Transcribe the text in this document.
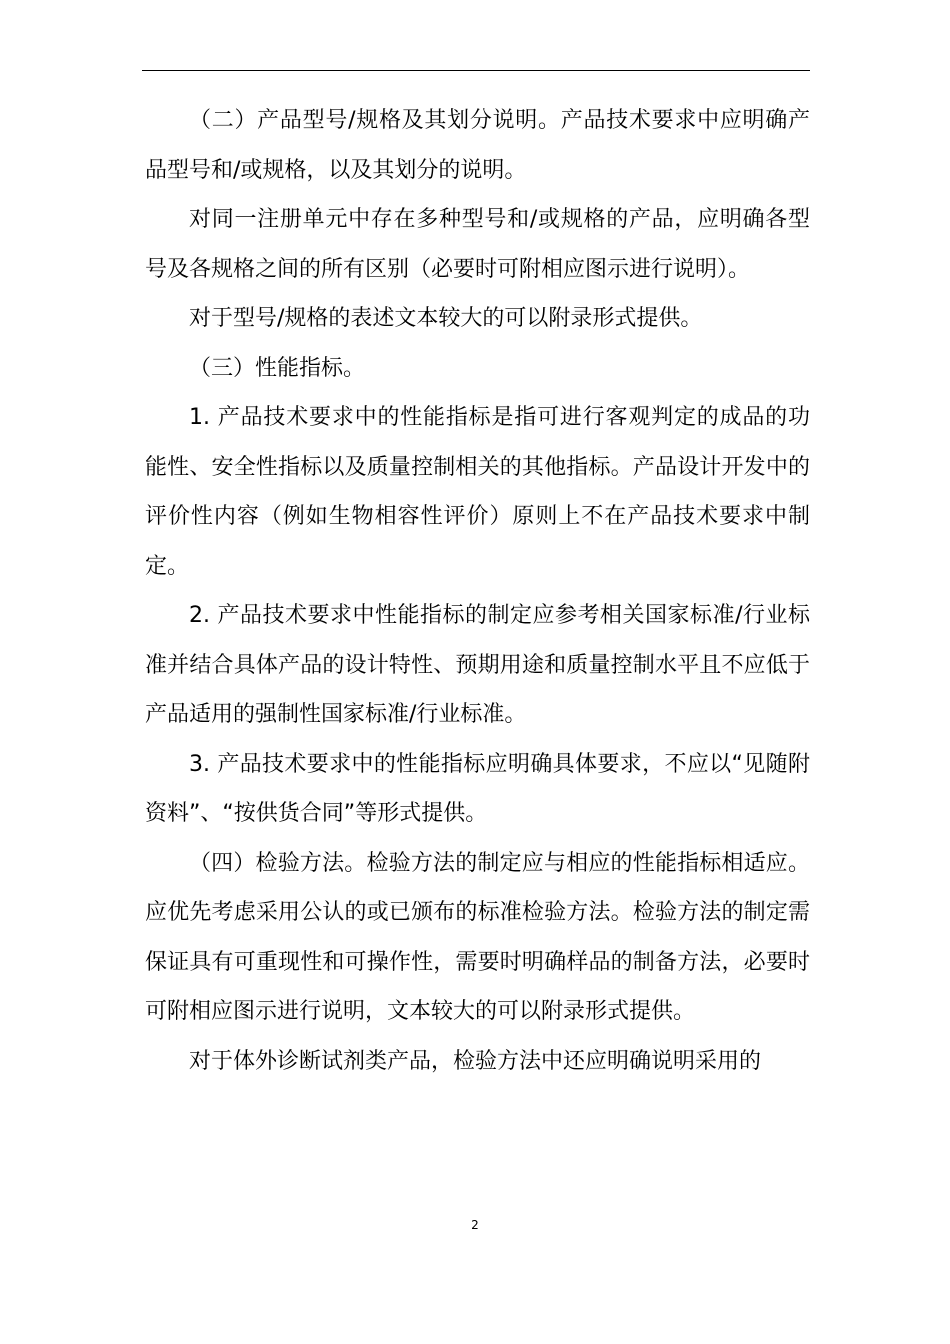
（二）产品型号/规格及其划分说明。产品技术要求中应明确产品型号和/或规格，以及其划分的说明。

对同一注册单元中存在多种型号和/或规格的产品，应明确各型号及各规格之间的所有区别（必要时可附相应图示进行说明）。

对于型号/规格的表述文本较大的可以附录形式提供。

（三）性能指标。

1. 产品技术要求中的性能指标是指可进行客观判定的成品的功能性、安全性指标以及质量控制相关的其他指标。产品设计开发中的评价性内容（例如生物相容性评价）原则上不在产品技术要求中制定。

2. 产品技术要求中性能指标的制定应参考相关国家标准/行业标准并结合具体产品的设计特性、预期用途和质量控制水平且不应低于产品适用的强制性国家标准/行业标准。

3. 产品技术要求中的性能指标应明确具体要求，不应以“见随附资料”、“按供货合同”等形式提供。

（四）检验方法。检验方法的制定应与相应的性能指标相适应。应优先考虑采用公认的或已颁布的标准检验方法。检验方法的制定需保证具有可重现性和可操作性，需要时明确样品的制备方法，必要时可附相应图示进行说明，文本较大的可以附录形式提供。

对于体外诊断试剂类产品，检验方法中还应明确说明采用的

2
